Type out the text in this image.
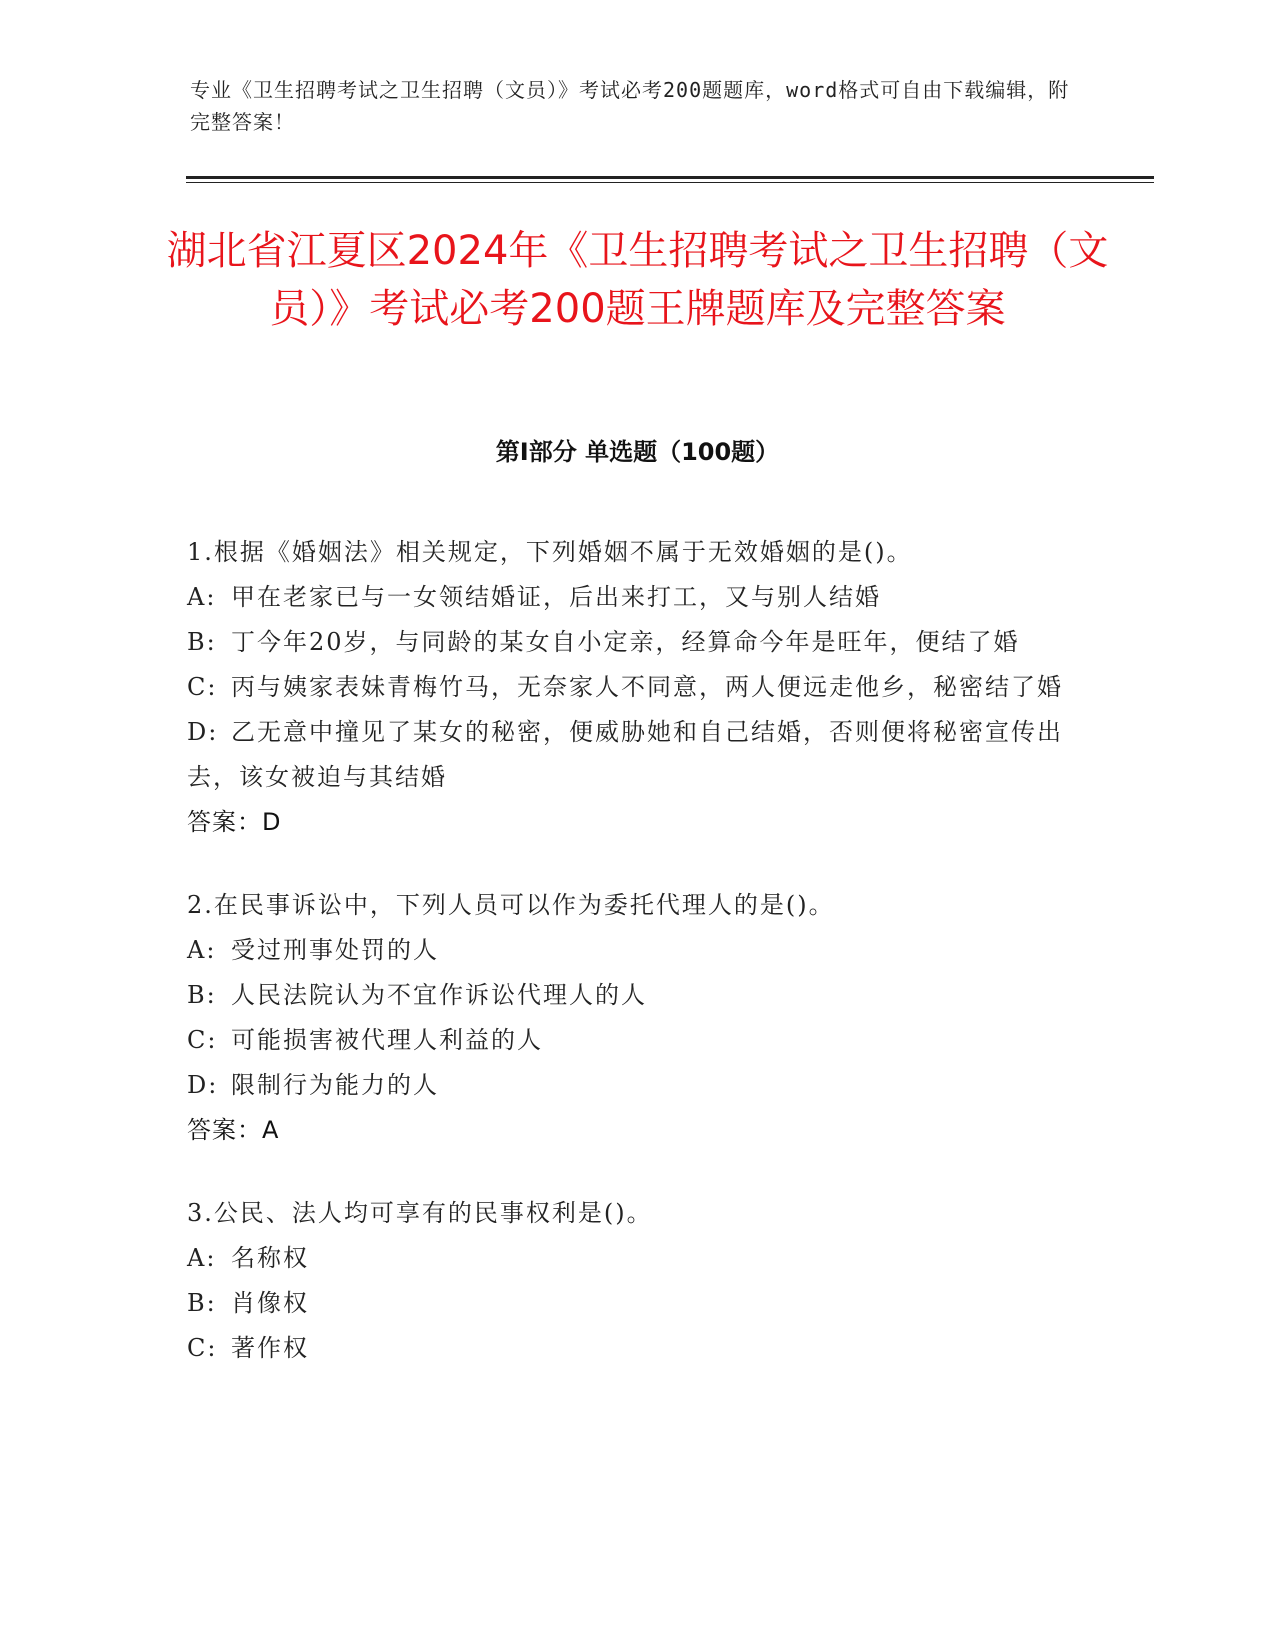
专业《卫生招聘考试之卫生招聘（文员）》考试必考200题题库，word格式可自由下载编辑，附完整答案！
湖北省江夏区2024年《卫生招聘考试之卫生招聘（文员）》考试必考200题王牌题库及完整答案
第I部分 单选题（100题）
1.根据《婚姻法》相关规定，下列婚姻不属于无效婚姻的是()。
A: 甲在老家已与一女领结婚证，后出来打工，又与别人结婚
B: 丁今年20岁，与同龄的某女自小定亲，经算命今年是旺年，便结了婚
C: 丙与姨家表妹青梅竹马，无奈家人不同意，两人便远走他乡，秘密结了婚
D: 乙无意中撞见了某女的秘密，便威胁她和自己结婚，否则便将秘密宣传出去，该女被迫与其结婚
答案：D
2.在民事诉讼中，下列人员可以作为委托代理人的是()。
A: 受过刑事处罚的人
B: 人民法院认为不宜作诉讼代理人的人
C: 可能损害被代理人利益的人
D: 限制行为能力的人
答案：A
3.公民、法人均可享有的民事权利是()。
A: 名称权
B: 肖像权
C: 著作权
